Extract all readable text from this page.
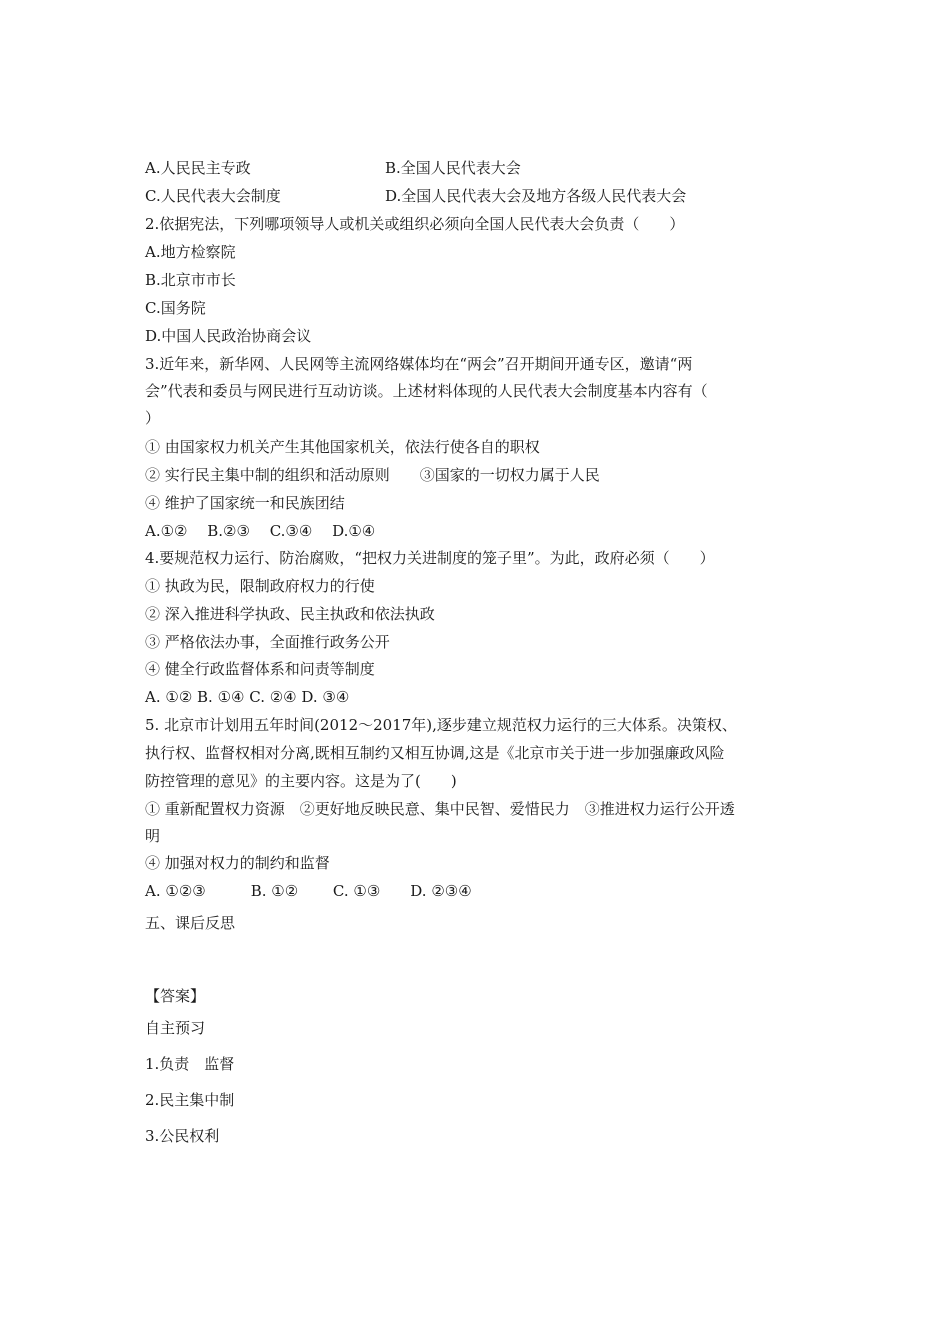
A.人民民主专政	B.全国人民代表大会
C.人民代表大会制度	D.全国人民代表大会及地方各级人民代表大会
2.依据宪法，下列哪项领导人或机关或组织必须向全国人民代表大会负责（　　）
A.地方检察院
B.北京市市长
C.国务院
D.中国人民政治协商会议
3.近年来，新华网、人民网等主流网络媒体均在“两会”召开期间开通专区，邀请“两
会”代表和委员与网民进行互动访谈。上述材料体现的人民代表大会制度基本内容有（
）
① 由国家权力机关产生其他国家机关，依法行使各自的职权
② 实行民主集中制的组织和活动原则　　③国家的一切权力属于人民
④ 维护了国家统一和民族团结
A.①②　 B.②③　 C.③④　 D.①④
4.要规范权力运行、防治腐败，“把权力关进制度的笼子里”。为此，政府必须（　　）
① 执政为民，限制政府权力的行使
② 深入推进科学执政、民主执政和依法执政
③ 严格依法办事，全面推行政务公开
④ 健全行政监督体系和问责等制度
A. ①② B. ①④ C. ②④ D. ③④
5. 北京市计划用五年时间(2012～2017年),逐步建立规范权力运行的三大体系。决策权、
执行权、监督权相对分离,既相互制约又相互协调,这是《北京市关于进一步加强廉政风险
防控管理的意见》的主要内容。这是为了(　　)
① 重新配置权力资源　②更好地反映民意、集中民智、爱惜民力　③推进权力运行公开透
明
④ 加强对权力的制约和监督
A. ①②③　　　B. ①②　　 C. ①③　　D. ②③④
五、课后反思
【答案】
自主预习
1.负责　监督
2.民主集中制
3.公民权利
